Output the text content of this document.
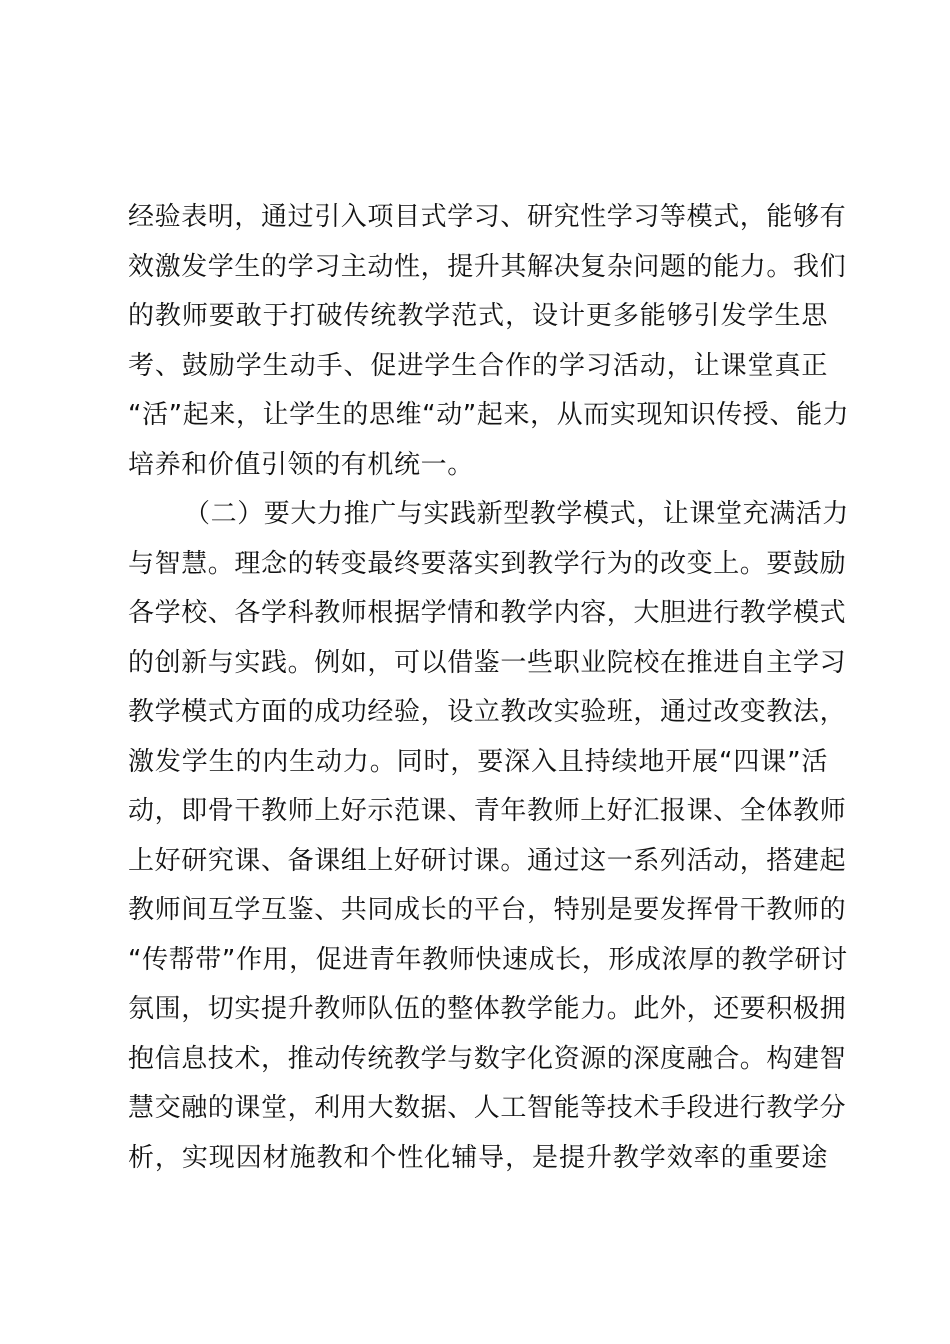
经验表明，通过引入项目式学习、研究性学习等模式，能够有
效激发学生的学习主动性，提升其解决复杂问题的能力。我们
的教师要敢于打破传统教学范式，设计更多能够引发学生思
考、鼓励学生动手、促进学生合作的学习活动，让课堂真正
“活”起来，让学生的思维“动”起来，从而实现知识传授、能力
培养和价值引领的有机统一。
（二）要大力推广与实践新型教学模式，让课堂充满活力
与智慧。理念的转变最终要落实到教学行为的改变上。要鼓励
各学校、各学科教师根据学情和教学内容，大胆进行教学模式
的创新与实践。例如，可以借鉴一些职业院校在推进自主学习
教学模式方面的成功经验，设立教改实验班，通过改变教法，
激发学生的内生动力。同时，要深入且持续地开展“四课”活
动，即骨干教师上好示范课、青年教师上好汇报课、全体教师
上好研究课、备课组上好研讨课。通过这一系列活动，搭建起
教师间互学互鉴、共同成长的平台，特别是要发挥骨干教师的
“传帮带”作用，促进青年教师快速成长，形成浓厚的教学研讨
氛围，切实提升教师队伍的整体教学能力。此外，还要积极拥
抱信息技术，推动传统教学与数字化资源的深度融合。构建智
慧交融的课堂，利用大数据、人工智能等技术手段进行教学分
析，实现因材施教和个性化辅导，是提升教学效率的重要途
